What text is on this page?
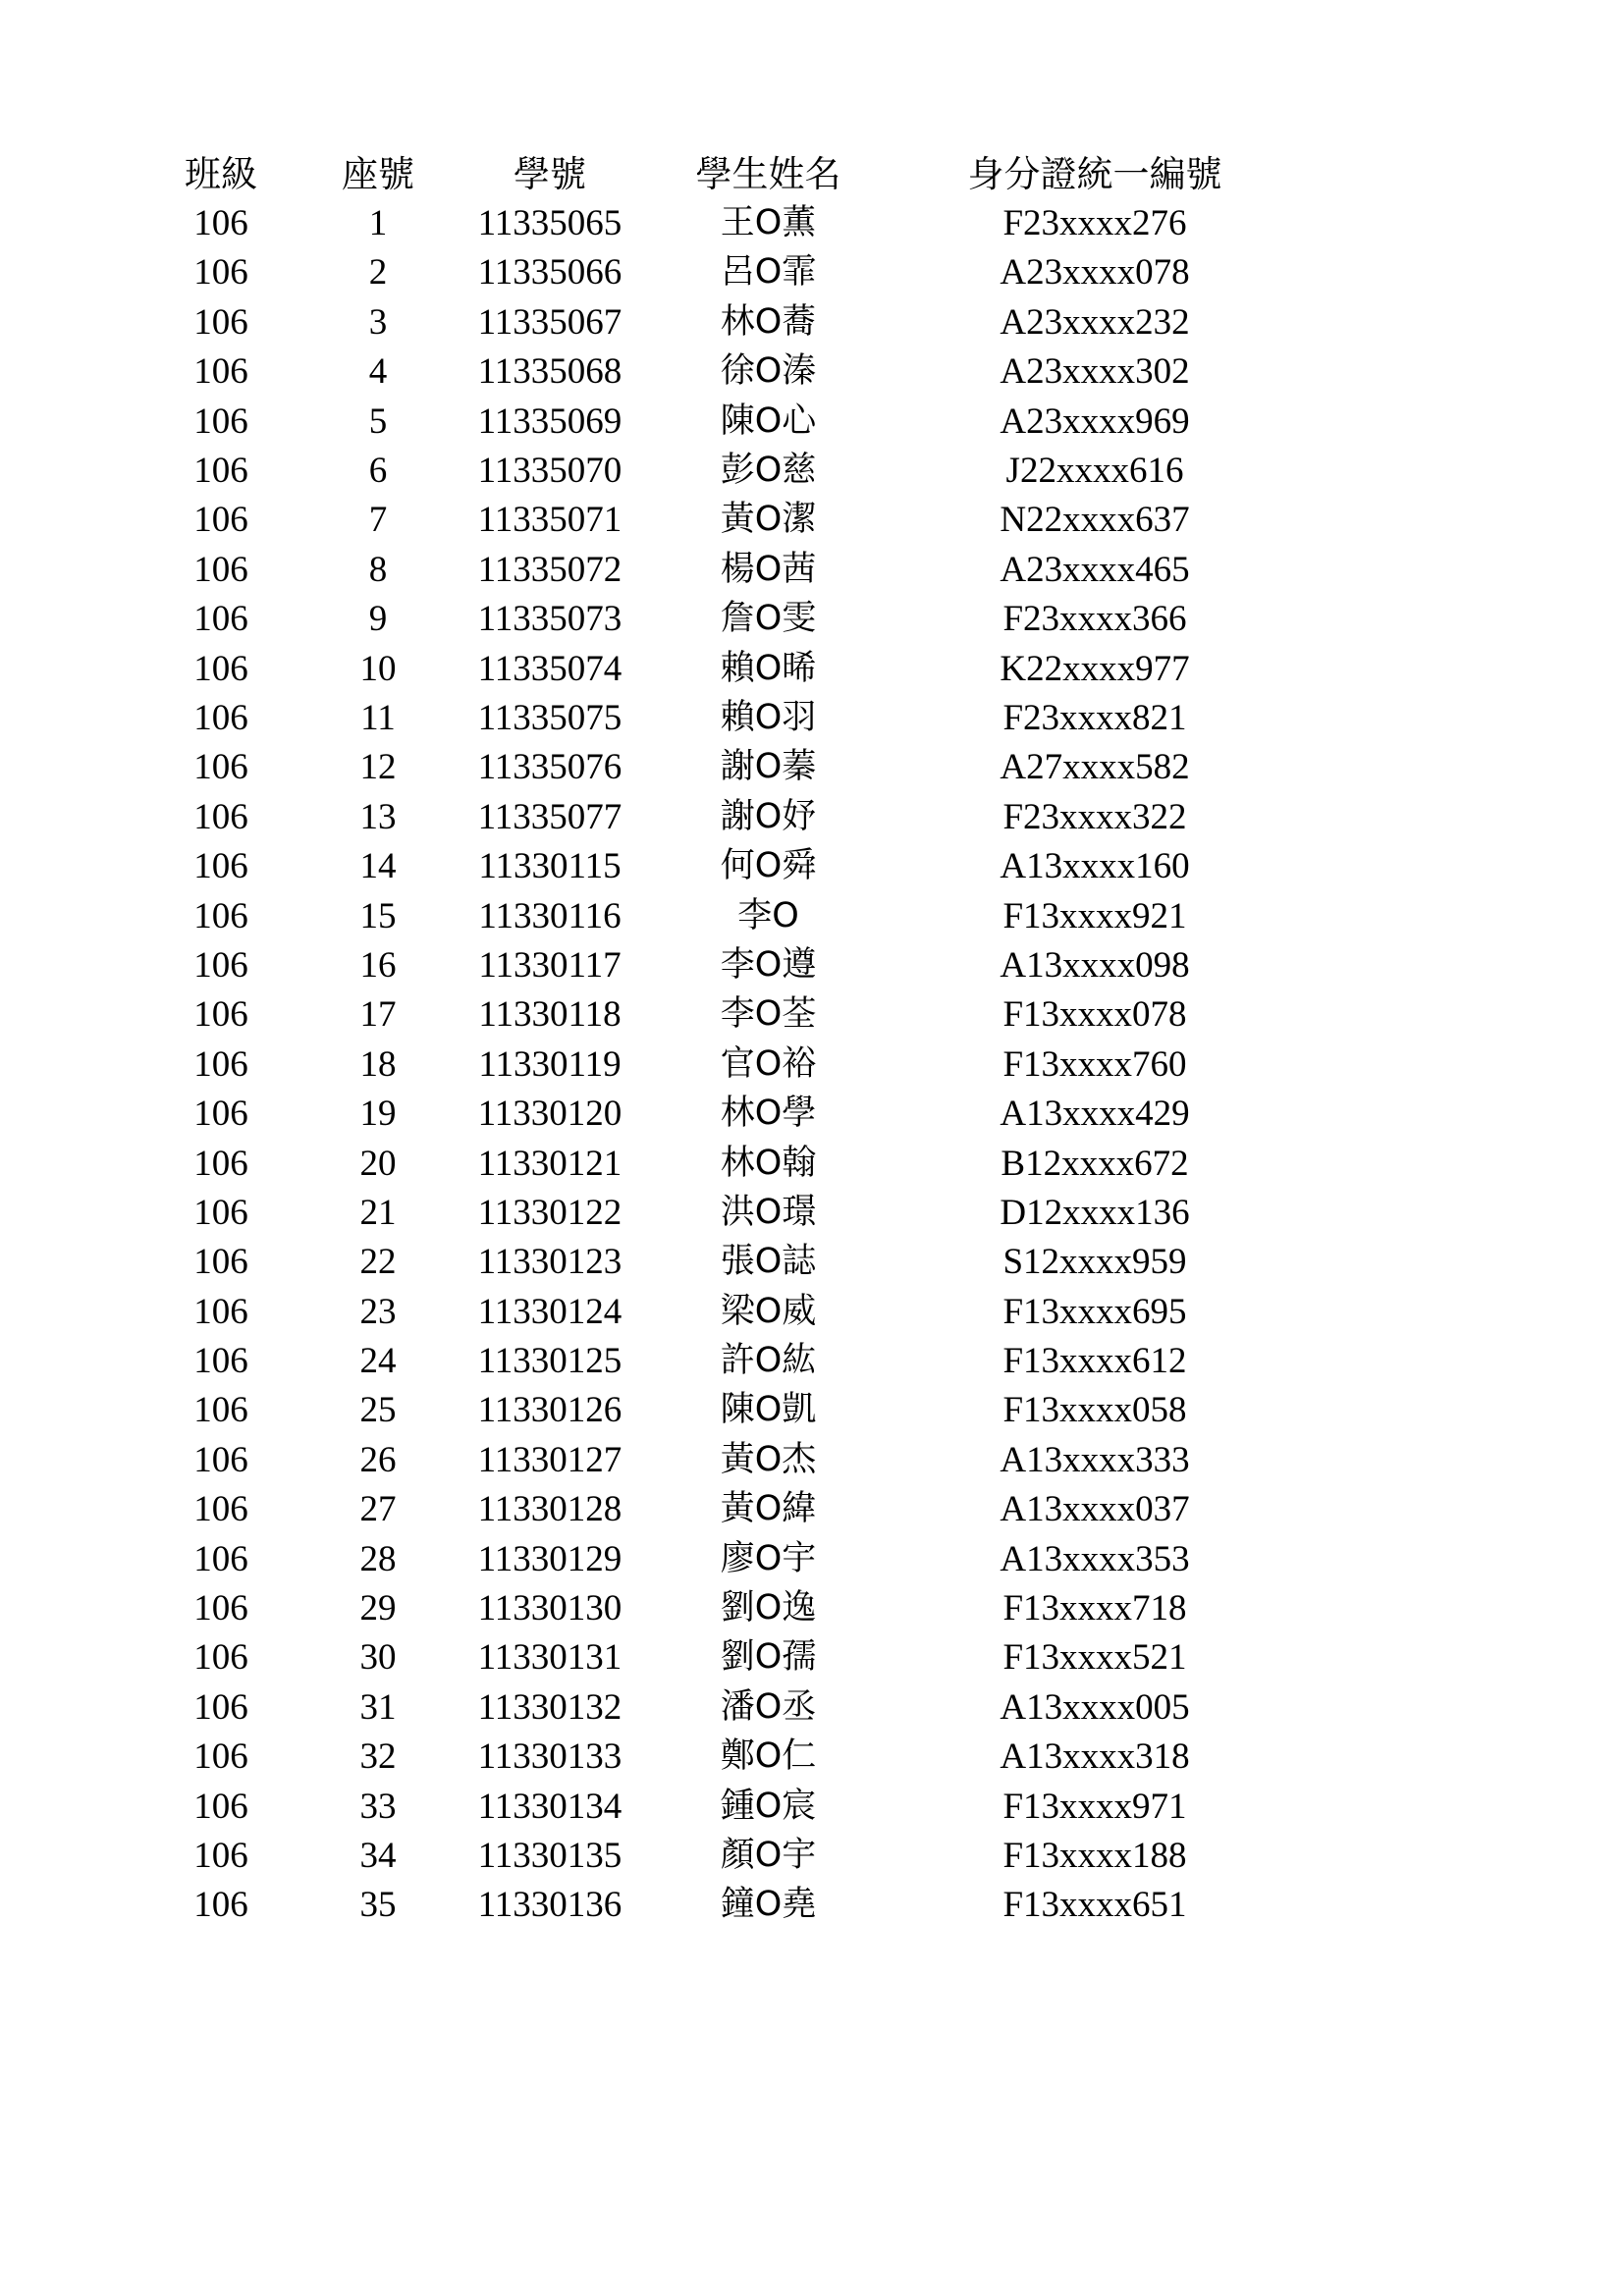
班級	座號	學號	學生姓名	身分證統一編號
106	1	11335065	王O薫	F23xxxx276
106	2	11335066	呂O霏	A23xxxx078
106	3	11335067	林O蕎	A23xxxx232
106	4	11335068	徐O溱	A23xxxx302
106	5	11335069	陳O心	A23xxxx969
106	6	11335070	彭O慈	J22xxxx616
106	7	11335071	黃O潔	N22xxxx637
106	8	11335072	楊O茜	A23xxxx465
106	9	11335073	詹O雯	F23xxxx366
106	10	11335074	賴O晞	K22xxxx977
106	11	11335075	賴O羽	F23xxxx821
106	12	11335076	謝O蓁	A27xxxx582
106	13	11335077	謝O妤	F23xxxx322
106	14	11330115	何O舜	A13xxxx160
106	15	11330116	李O	F13xxxx921
106	16	11330117	李O遵	A13xxxx098
106	17	11330118	李O荃	F13xxxx078
106	18	11330119	官O裕	F13xxxx760
106	19	11330120	林O學	A13xxxx429
106	20	11330121	林O翰	B12xxxx672
106	21	11330122	洪O璟	D12xxxx136
106	22	11330123	張O誌	S12xxxx959
106	23	11330124	梁O威	F13xxxx695
106	24	11330125	許O紘	F13xxxx612
106	25	11330126	陳O凱	F13xxxx058
106	26	11330127	黃O杰	A13xxxx333
106	27	11330128	黃O緯	A13xxxx037
106	28	11330129	廖O宇	A13xxxx353
106	29	11330130	劉O逸	F13xxxx718
106	30	11330131	劉O孺	F13xxxx521
106	31	11330132	潘O丞	A13xxxx005
106	32	11330133	鄭O仁	A13xxxx318
106	33	11330134	鍾O宸	F13xxxx971
106	34	11330135	顏O宇	F13xxxx188
106	35	11330136	鐘O堯	F13xxxx651
